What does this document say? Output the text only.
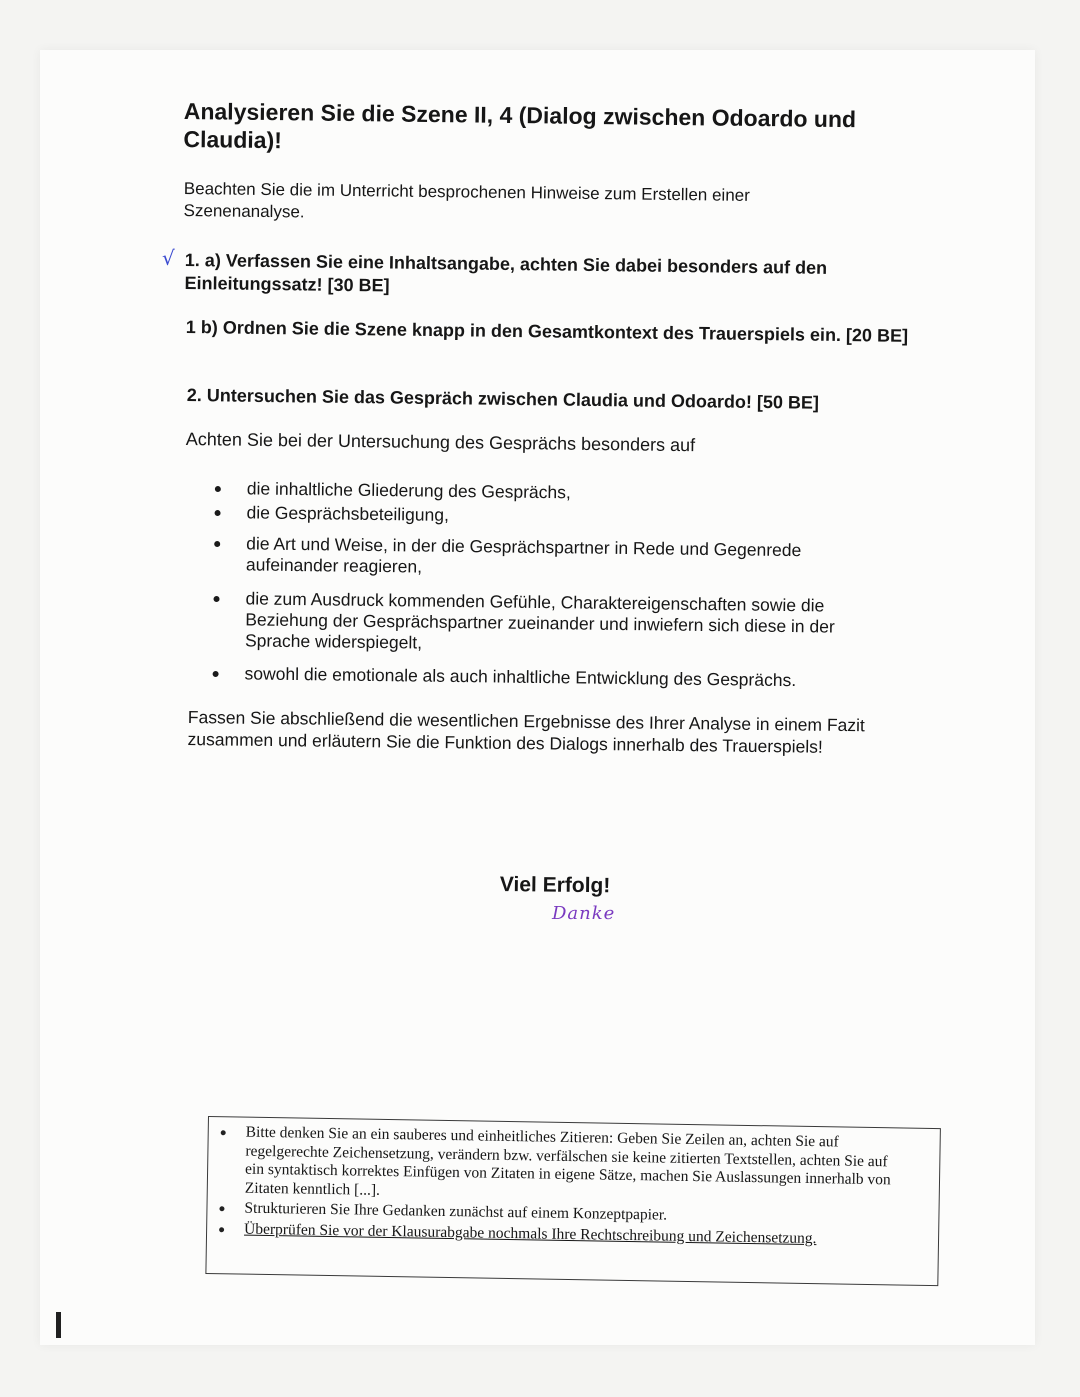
Analysieren Sie die Szene II, 4 (Dialog zwischen Odoardo und Claudia)!
Beachten Sie die im Unterricht besprochenen Hinweise zum Erstellen einer Szenenanalyse.
√ 1. a) Verfassen Sie eine Inhaltsangabe, achten Sie dabei besonders auf den Einleitungssatz! [30 BE]
1 b) Ordnen Sie die Szene knapp in den Gesamtkontext des Trauerspiels ein. [20 BE]
2. Untersuchen Sie das Gespräch zwischen Claudia und Odoardo! [50 BE]
Achten Sie bei der Untersuchung des Gesprächs besonders auf
die inhaltliche Gliederung des Gesprächs,
die Gesprächsbeteiligung,
die Art und Weise, in der die Gesprächspartner in Rede und Gegenrede aufeinander reagieren,
die zum Ausdruck kommenden Gefühle, Charaktereigenschaften sowie die Beziehung der Gesprächspartner zueinander und inwiefern sich diese in der Sprache widerspiegelt,
sowohl die emotionale als auch inhaltliche Entwicklung des Gesprächs.
Fassen Sie abschließend die wesentlichen Ergebnisse des Ihrer Analyse in einem Fazit zusammen und erläutern Sie die Funktion des Dialogs innerhalb des Trauerspiels!
Viel Erfolg!
Danke
Bitte denken Sie an ein sauberes und einheitliches Zitieren: Geben Sie Zeilen an, achten Sie auf regelgerechte Zeichensetzung, verändern bzw. verfälschen sie keine zitierten Textstellen, achten Sie auf ein syntaktisch korrektes Einfügen von Zitaten in eigene Sätze, machen Sie Auslassungen innerhalb von Zitaten kenntlich [...].
Strukturieren Sie Ihre Gedanken zunächst auf einem Konzeptpapier.
Überprüfen Sie vor der Klausurabgabe nochmals Ihre Rechtschreibung und Zeichensetzung.
